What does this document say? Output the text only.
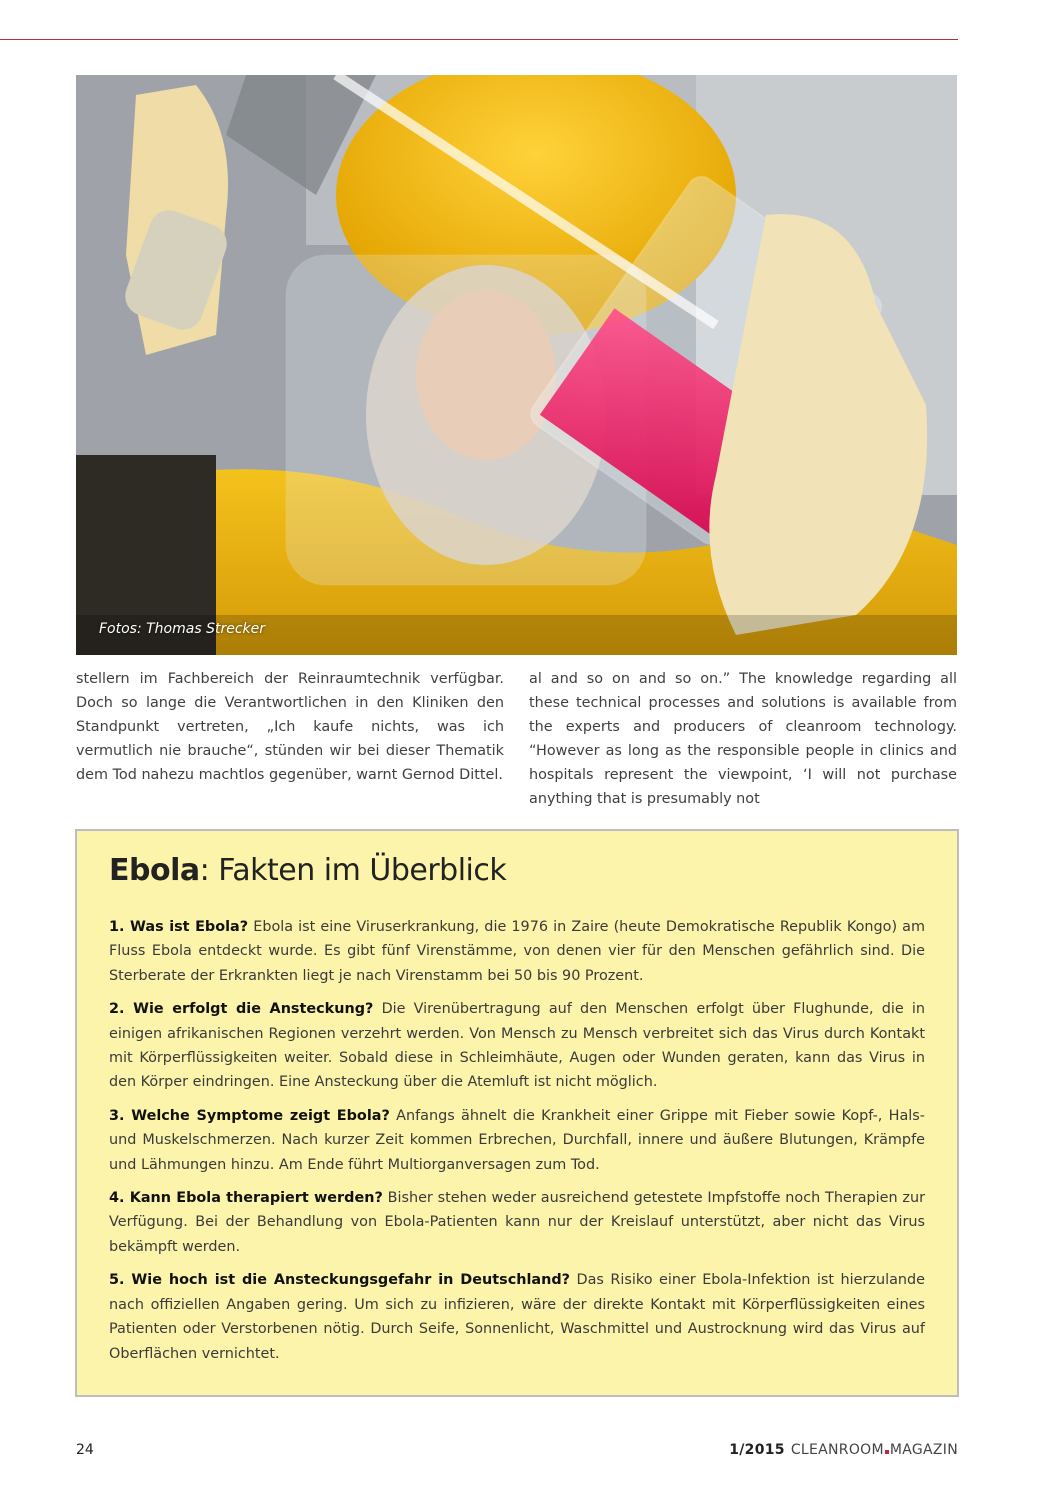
Fotos: Thomas Strecker

stellern im Fachbereich der Reinraumtechnik verfügbar. Doch so lange die Verantwortlichen in den Kliniken den Standpunkt vertreten, „Ich kaufe nichts, was ich vermutlich nie brauche“, stünden wir bei dieser Thematik dem Tod nahezu machtlos gegenüber, warnt Gernod Dittel.

al and so on and so on.” The knowledge regarding all these technical processes and solutions is available from the experts and producers of cleanroom technology. “However as long as the responsible people in clinics and hospitals represent the viewpoint, ‘I will not purchase anything that is presumably not

Ebola: Fakten im Überblick

1. Was ist Ebola? Ebola ist eine Viruserkrankung, die 1976 in Zaire (heute Demokratische Republik Kongo) am Fluss Ebola entdeckt wurde. Es gibt fünf Virenstämme, von denen vier für den Menschen gefährlich sind. Die Sterberate der Erkrankten liegt je nach Virenstamm bei 50 bis 90 Prozent.

2. Wie erfolgt die Ansteckung? Die Virenübertragung auf den Menschen erfolgt über Flughunde, die in einigen afrikanischen Regionen verzehrt werden. Von Mensch zu Mensch verbreitet sich das Virus durch Kontakt mit Körperflüssigkeiten weiter. Sobald diese in Schleimhäute, Augen oder Wunden geraten, kann das Virus in den Körper eindringen. Eine Ansteckung über die Atemluft ist nicht möglich.

3. Welche Symptome zeigt Ebola? Anfangs ähnelt die Krankheit einer Grippe mit Fieber sowie Kopf-, Hals- und Muskelschmerzen. Nach kurzer Zeit kommen Erbrechen, Durchfall, innere und äußere Blutungen, Krämpfe und Lähmungen hinzu. Am Ende führt Multiorganversagen zum Tod.

4. Kann Ebola therapiert werden? Bisher stehen weder ausreichend getestete Impfstoffe noch Therapien zur Verfügung. Bei der Behandlung von Ebola-Patienten kann nur der Kreislauf unterstützt, aber nicht das Virus bekämpft werden.

5. Wie hoch ist die Ansteckungsgefahr in Deutschland? Das Risiko einer Ebola-Infektion ist hierzulande nach offiziellen Angaben gering. Um sich zu infizieren, wäre der direkte Kontakt mit Körperflüssigkeiten eines Patienten oder Verstorbenen nötig. Durch Seife, Sonnenlicht, Waschmittel und Austrocknung wird das Virus auf Oberflächen vernichtet.

24	1/2015 CLEANROOM MAGAZIN
